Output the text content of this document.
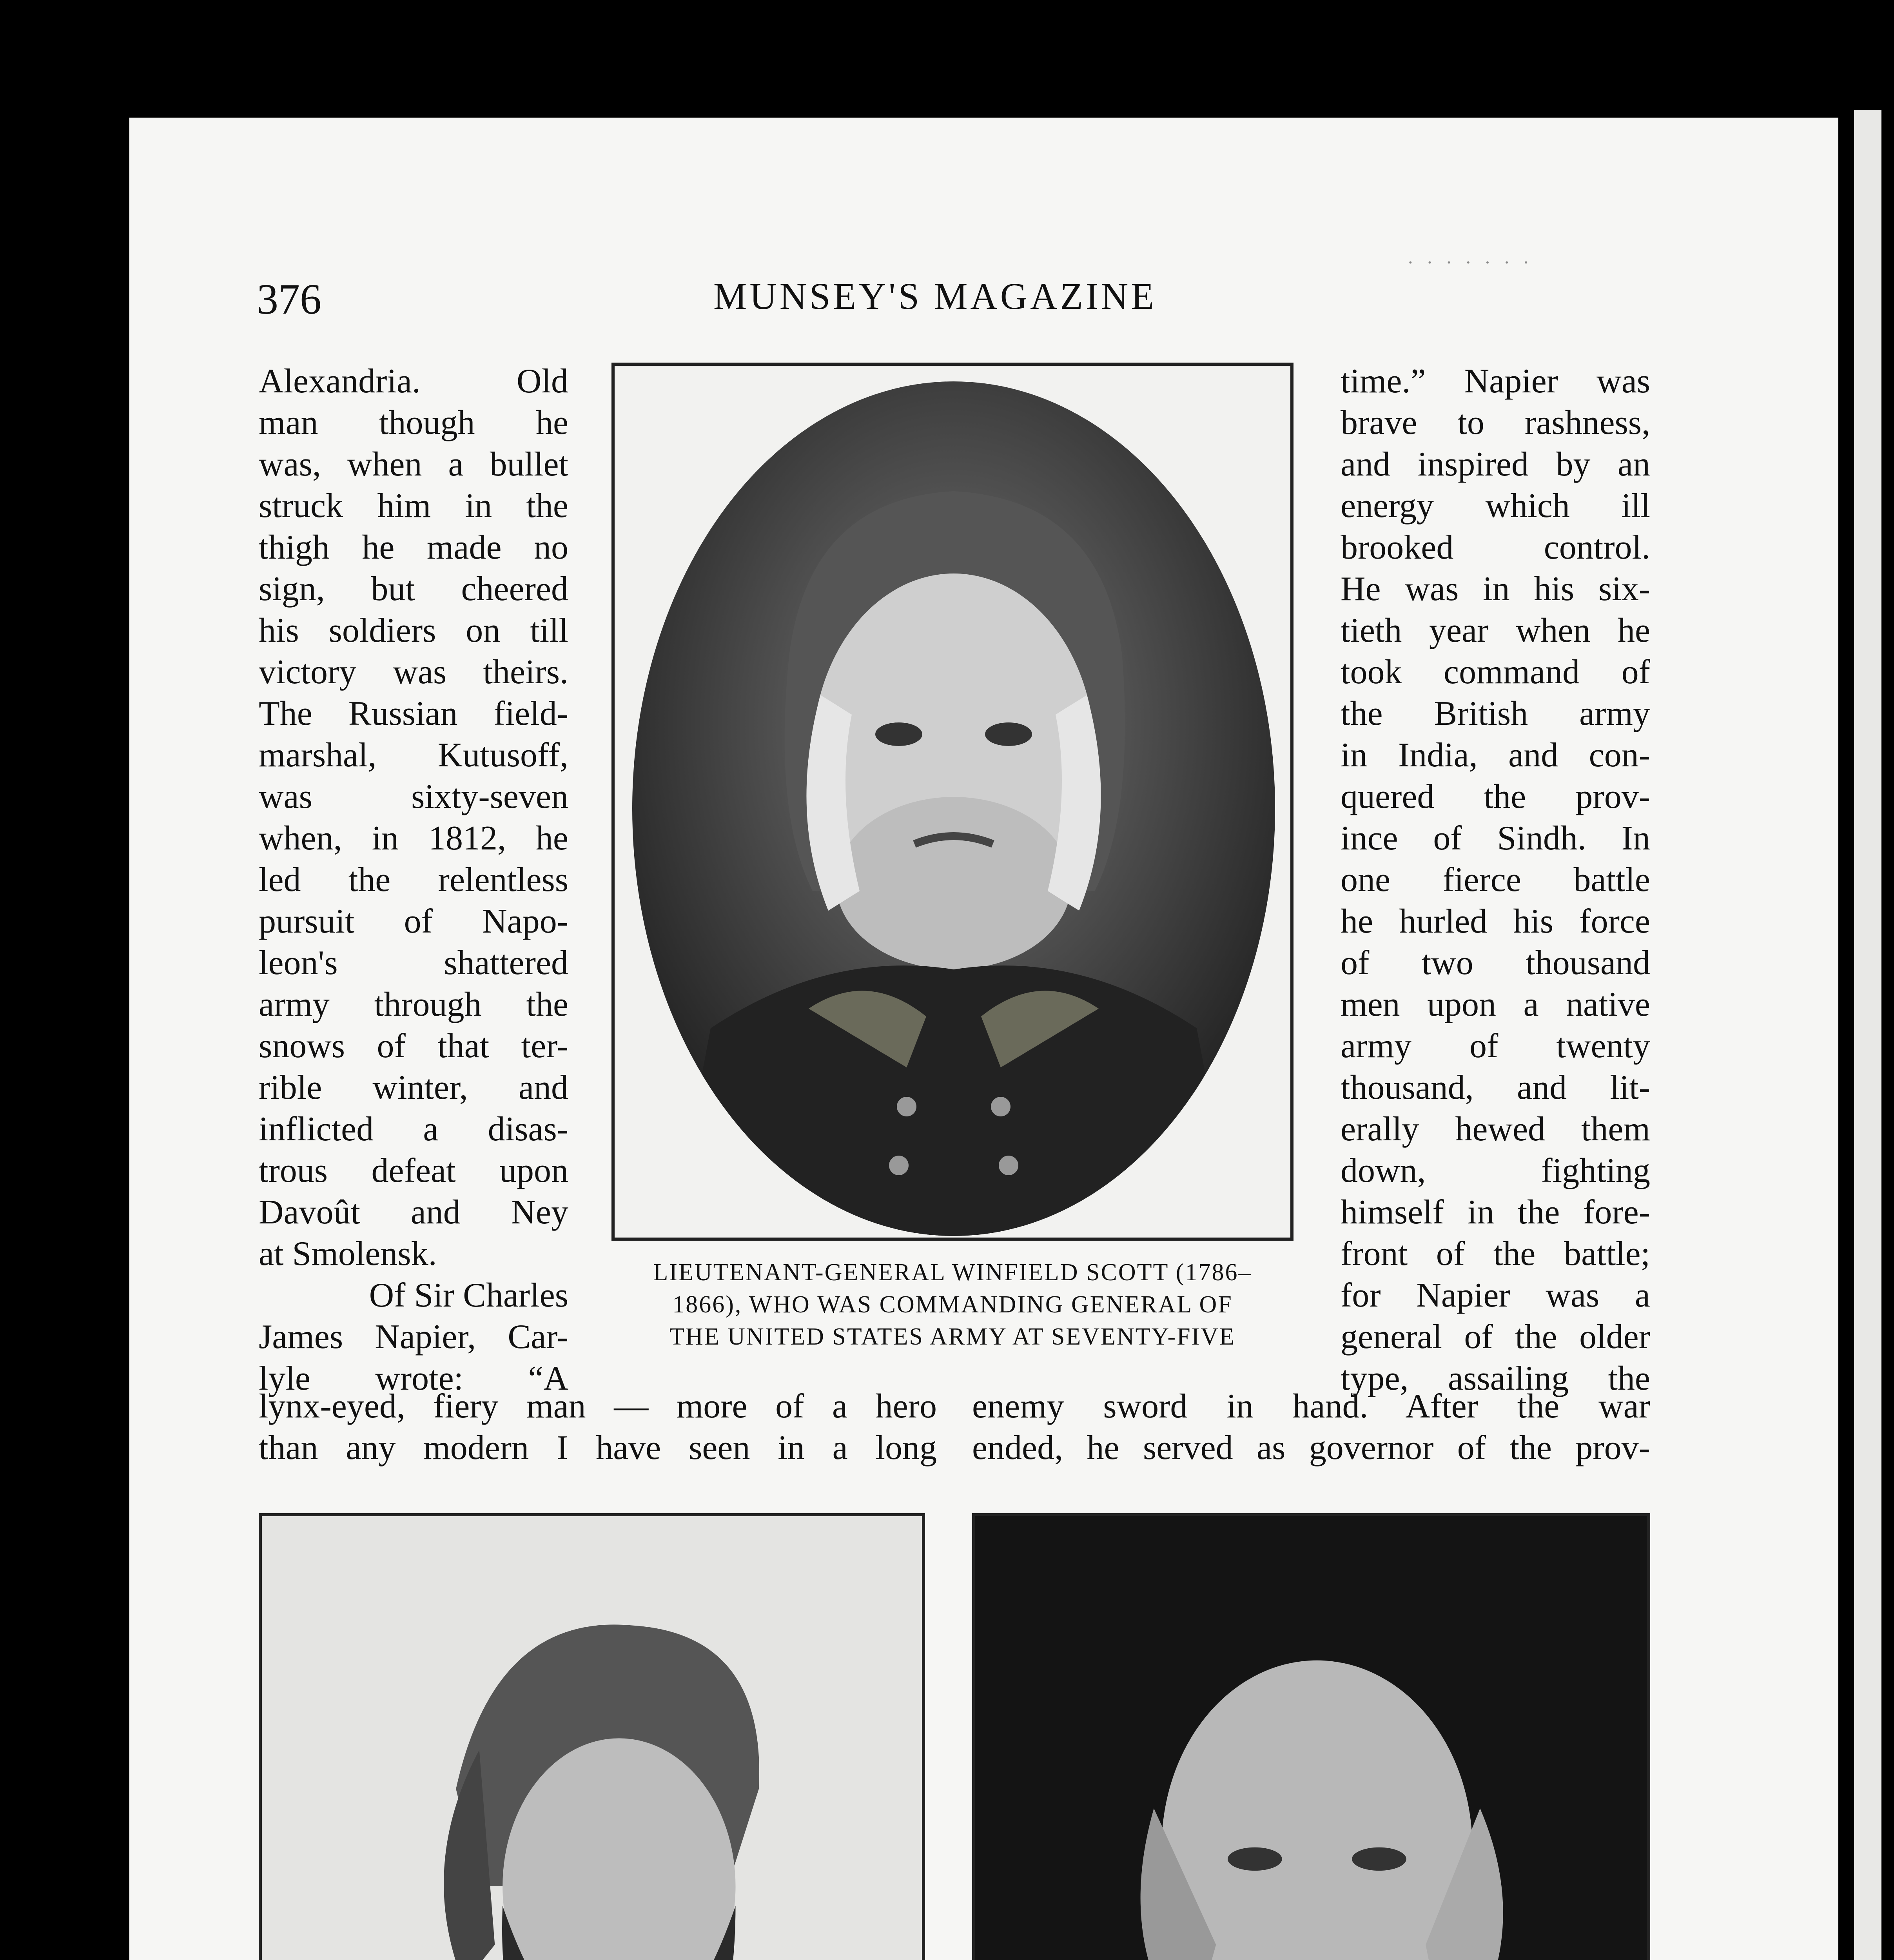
· · · · · · ·
376	MUNSEY'S MAGAZINE
Alexandria. Old
man though he
was, when a bullet
struck him in the
thigh he made no
sign, but cheered
his soldiers on till
victory was theirs.
The Russian field-
marshal, Kutusoff,
was sixty-seven
when, in 1812, he
led the relentless
pursuit of Napo-
leon's shattered
army through the
snows of that ter-
rible winter, and
inflicted a disas-
trous defeat upon
Davoût and Ney
at Smolensk.
Of Sir Charles
James Napier, Car-
lyle wrote: “A
time.” Napier was
brave to rashness,
and inspired by an
energy which ill
brooked control.
He was in his six-
tieth year when he
took command of
the British army
in India, and con-
quered the prov-
ince of Sindh. In
one fierce battle
he hurled his force
of two thousand
men upon a native
army of twenty
thousand, and lit-
erally hewed them
down, fighting
himself in the fore-
front of the battle;
for Napier was a
general of the older
type, assailing the
lynx-eyed, fiery man — more of a hero
than any modern I have seen in a long
enemy sword in hand. After the war
ended, he served as governor of the prov-
LIEUTENANT-GENERAL WINFIELD SCOTT (1786–
1866), WHO WAS COMMANDING GENERAL OF
THE UNITED STATES ARMY AT SEVENTY-FIVE
